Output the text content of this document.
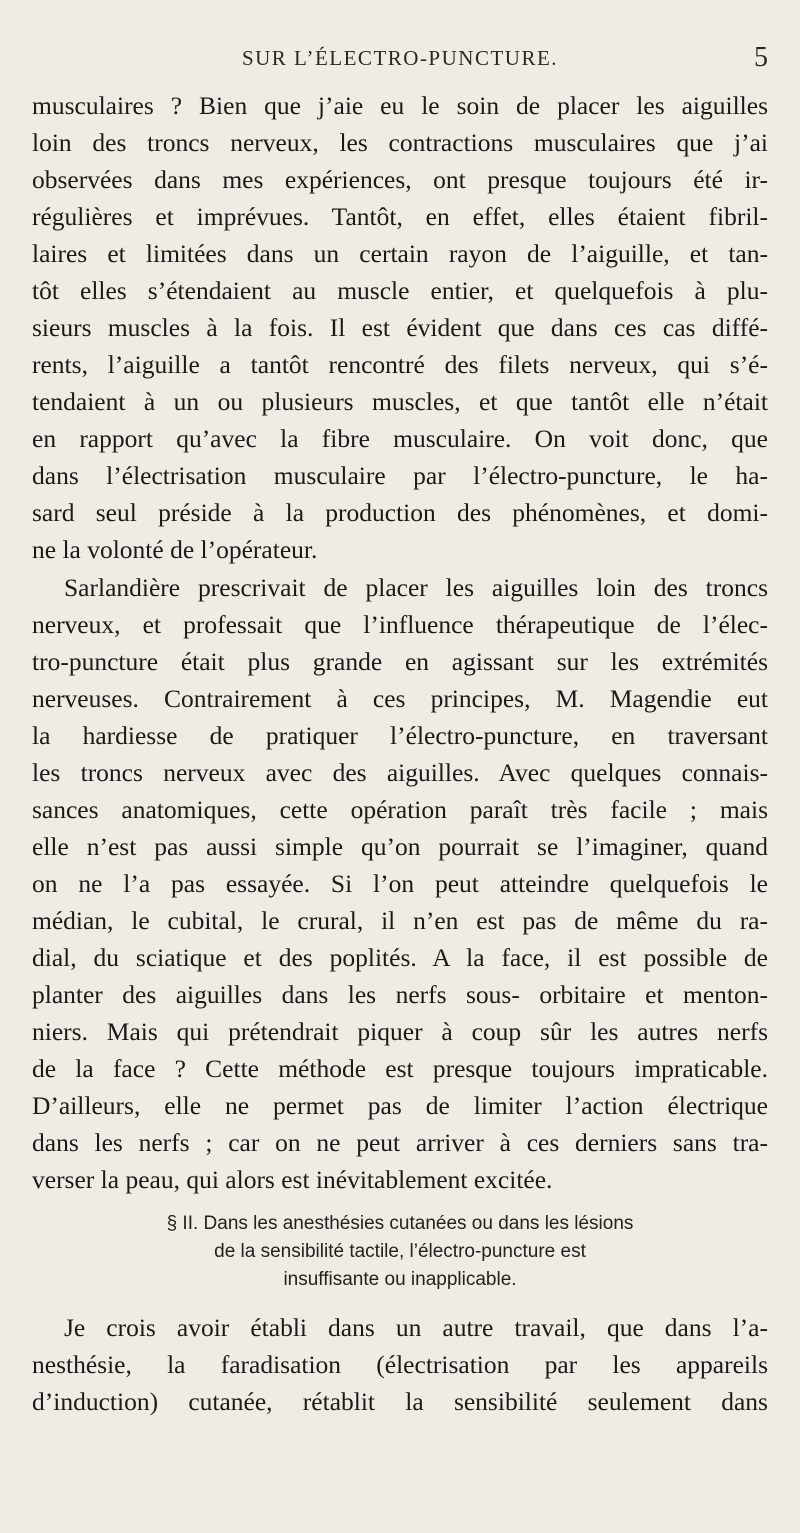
SUR L’ÉLECTRO-PUNCTURE.	5
musculaires ? Bien que j’aie eu le soin de placer les aiguilles
loin des troncs nerveux, les contractions musculaires que j’ai
observées dans mes expériences, ont presque toujours été ir-
régulières et imprévues. Tantôt, en effet, elles étaient fibril-
laires et limitées dans un certain rayon de l’aiguille, et tan-
tôt elles s’étendaient au muscle entier, et quelquefois à plu-
sieurs muscles à la fois. Il est évident que dans ces cas diffé-
rents, l’aiguille a tantôt rencontré des filets nerveux, qui s’é-
tendaient à un ou plusieurs muscles, et que tantôt elle n’était
en rapport qu’avec la fibre musculaire. On voit donc, que
dans l’électrisation musculaire par l’électro-puncture, le ha-
sard seul préside à la production des phénomènes, et domi-
ne la volonté de l’opérateur.
Sarlandière prescrivait de placer les aiguilles loin des troncs
nerveux, et professait que l’influence thérapeutique de l’élec-
tro-puncture était plus grande en agissant sur les extrémités
nerveuses. Contrairement à ces principes, M. Magendie eut
la hardiesse de pratiquer l’électro-puncture, en traversant
les troncs nerveux avec des aiguilles. Avec quelques connais-
sances anatomiques, cette opération paraît très facile ; mais
elle n’est pas aussi simple qu’on pourrait se l’imaginer, quand
on ne l’a pas essayée. Si l’on peut atteindre quelquefois le
médian, le cubital, le crural, il n’en est pas de même du ra-
dial, du sciatique et des poplités. A la face, il est possible de
planter des aiguilles dans les nerfs sous- orbitaire et menton-
niers. Mais qui prétendrait piquer à coup sûr les autres nerfs
de la face ? Cette méthode est presque toujours impraticable.
D’ailleurs, elle ne permet pas de limiter l’action électrique
dans les nerfs ; car on ne peut arriver à ces derniers sans tra-
verser la peau, qui alors est inévitablement excitée.
§ II. Dans les anesthésies cutanées ou dans les lésions
de la sensibilité tactile, l’électro-puncture est
insuffisante ou inapplicable.
Je crois avoir établi dans un autre travail, que dans l’a-
nesthésie, la faradisation (électrisation par les appareils
d’induction) cutanée, rétablit la sensibilité seulement dans
